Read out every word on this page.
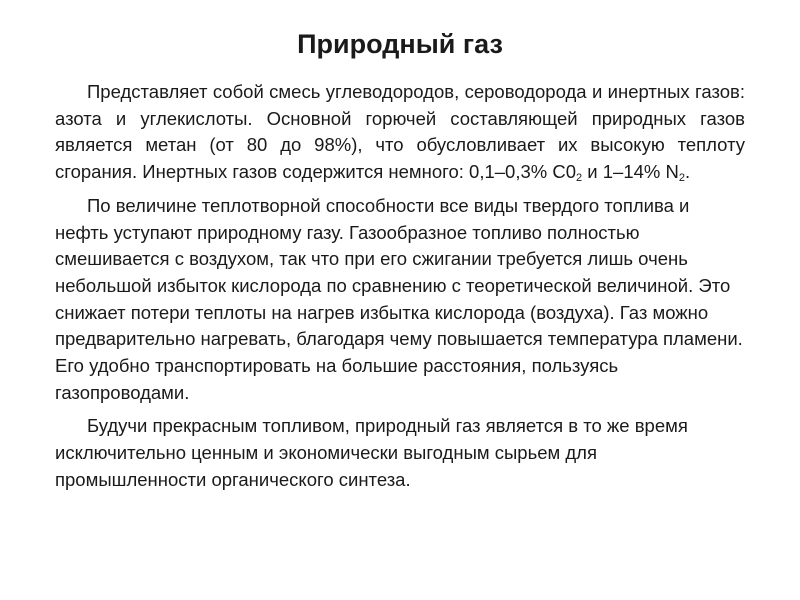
Природный газ

Представляет собой смесь углеводородов, сероводорода и инертных газов: азота и углекислоты. Основной горючей составляющей природных газов является метан (от 80 до 98%), что обусловливает их высокую теплоту сгорания. Инертных газов содержится немного: 0,1–0,3% $С0_2$ и 1–14% $N_2$.

По величине теплотворной способности все виды твердого топлива и нефть уступают природному газу. Газообразное топливо полностью смешивается с воздухом, так что при его сжигании требуется лишь очень небольшой избыток кислорода по сравнению с теоретической величиной. Это снижает потери теплоты на нагрев избытка кислорода (воздуха). Газ можно предварительно нагревать, благодаря чему повышается температура пламени. Его удобно транспортировать на большие расстояния, пользуясь газопроводами.

Будучи прекрасным топливом, природный газ является в то же время исключительно ценным и экономически выгодным сырьем для промышленности органического синтеза.
